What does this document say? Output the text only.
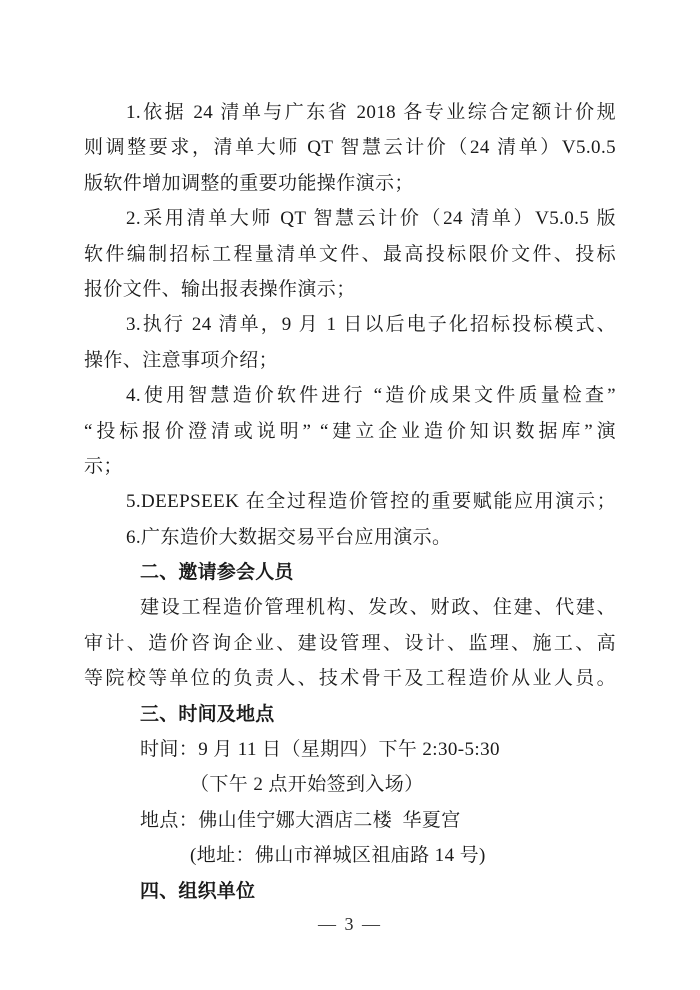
1.依据 24 清单与广东省 2018 各专业综合定额计价规
则调整要求，清单大师 QT 智慧云计价（24 清单）V5.0.5
版软件增加调整的重要功能操作演示；
2.采用清单大师 QT 智慧云计价（24 清单）V5.0.5 版
软件编制招标工程量清单文件、最高投标限价文件、投标
报价文件、输出报表操作演示；
3.执行 24 清单，9 月 1 日以后电子化招标投标模式、
操作、注意事项介绍；
4.使用智慧造价软件进行 “造价成果文件质量检查”
“投标报价澄清或说明” “建立企业造价知识数据库”演
示；
5.DEEPSEEK 在全过程造价管控的重要赋能应用演示；
6.广东造价大数据交易平台应用演示。
二、邀请参会人员
建设工程造价管理机构、发改、财政、住建、代建、
审计、造价咨询企业、建设管理、设计、监理、施工、高
等院校等单位的负责人、技术骨干及工程造价从业人员。
三、时间及地点
时间：9 月 11 日（星期四）下午 2:30-5:30
（下午 2 点开始签到入场）
地点：佛山佳宁娜大酒店二楼  华夏宫
(地址：佛山市禅城区祖庙路 14 号)
四、组织单位
— 3 —
